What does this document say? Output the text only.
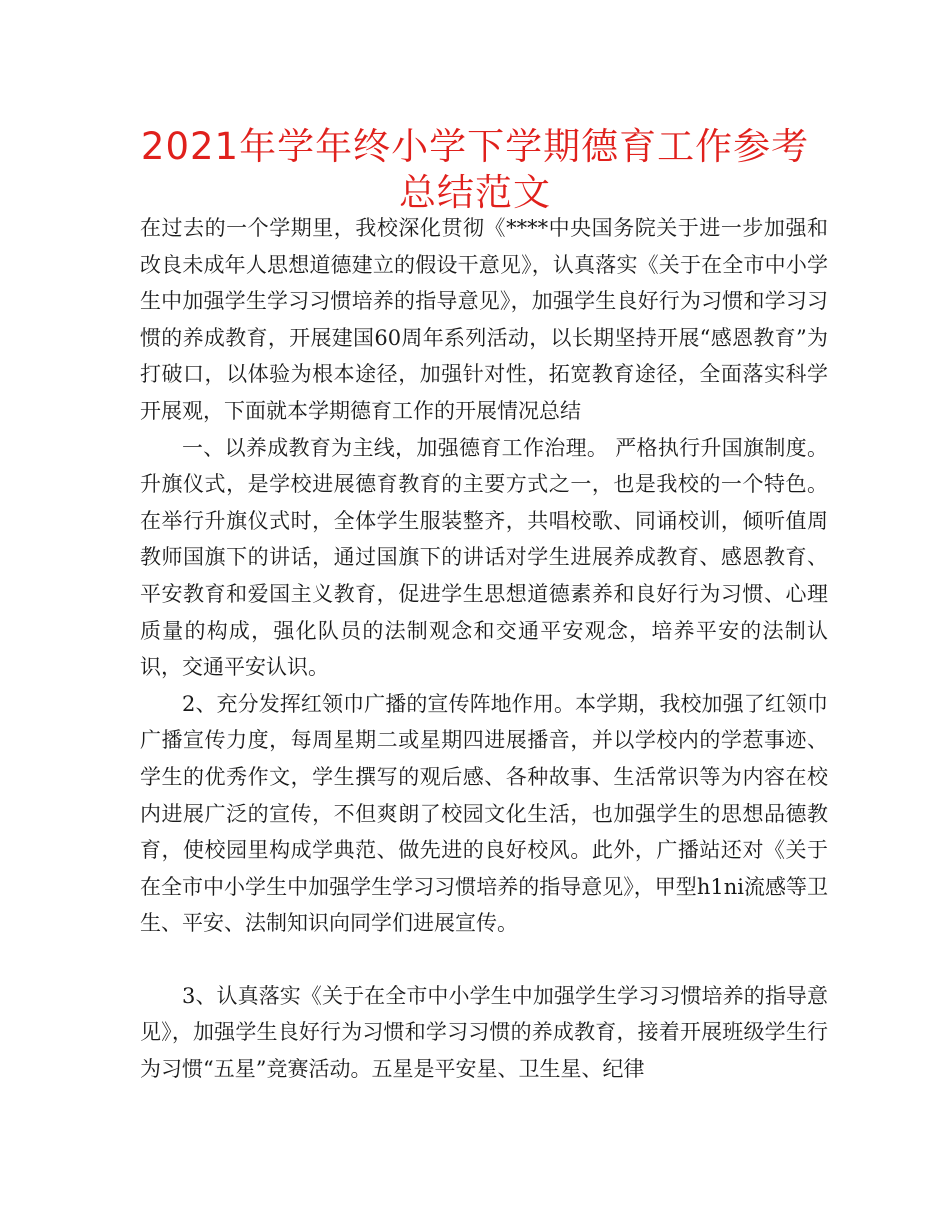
2021年学年终小学下学期德育工作参考总结范文

在过去的一个学期里，我校深化贯彻《****中央国务院关于进一步加强和改良未成年人思想道德建立的假设干意见》，认真落实《关于在全市中小学生中加强学生学习习惯培养的指导意见》，加强学生良好行为习惯和学习习惯的养成教育，开展建国60周年系列活动，以长期坚持开展“感恩教育”为打破口，以体验为根本途径，加强针对性，拓宽教育途径，全面落实科学开展观，下面就本学期德育工作的开展情况总结

一、以养成教育为主线，加强德育工作治理。 严格执行升国旗制度。升旗仪式，是学校进展德育教育的主要方式之一，也是我校的一个特色。在举行升旗仪式时，全体学生服装整齐，共唱校歌、同诵校训，倾听值周教师国旗下的讲话，通过国旗下的讲话对学生进展养成教育、感恩教育、平安教育和爱国主义教育，促进学生思想道德素养和良好行为习惯、心理质量的构成，强化队员的法制观念和交通平安观念，培养平安的法制认识，交通平安认识。

2、充分发挥红领巾广播的宣传阵地作用。本学期，我校加强了红领巾广播宣传力度，每周星期二或星期四进展播音，并以学校内的学惹事迹、学生的优秀作文，学生撰写的观后感、各种故事、生活常识等为内容在校内进展广泛的宣传，不但爽朗了校园文化生活，也加强学生的思想品德教育，使校园里构成学典范、做先进的良好校风。此外，广播站还对《关于在全市中小学生中加强学生学习习惯培养的指导意见》，甲型h1ni流感等卫生、平安、法制知识向同学们进展宣传。

3、认真落实《关于在全市中小学生中加强学生学习习惯培养的指导意见》，加强学生良好行为习惯和学习习惯的养成教育，接着开展班级学生行为习惯“五星”竞赛活动。五星是平安星、卫生星、纪律
